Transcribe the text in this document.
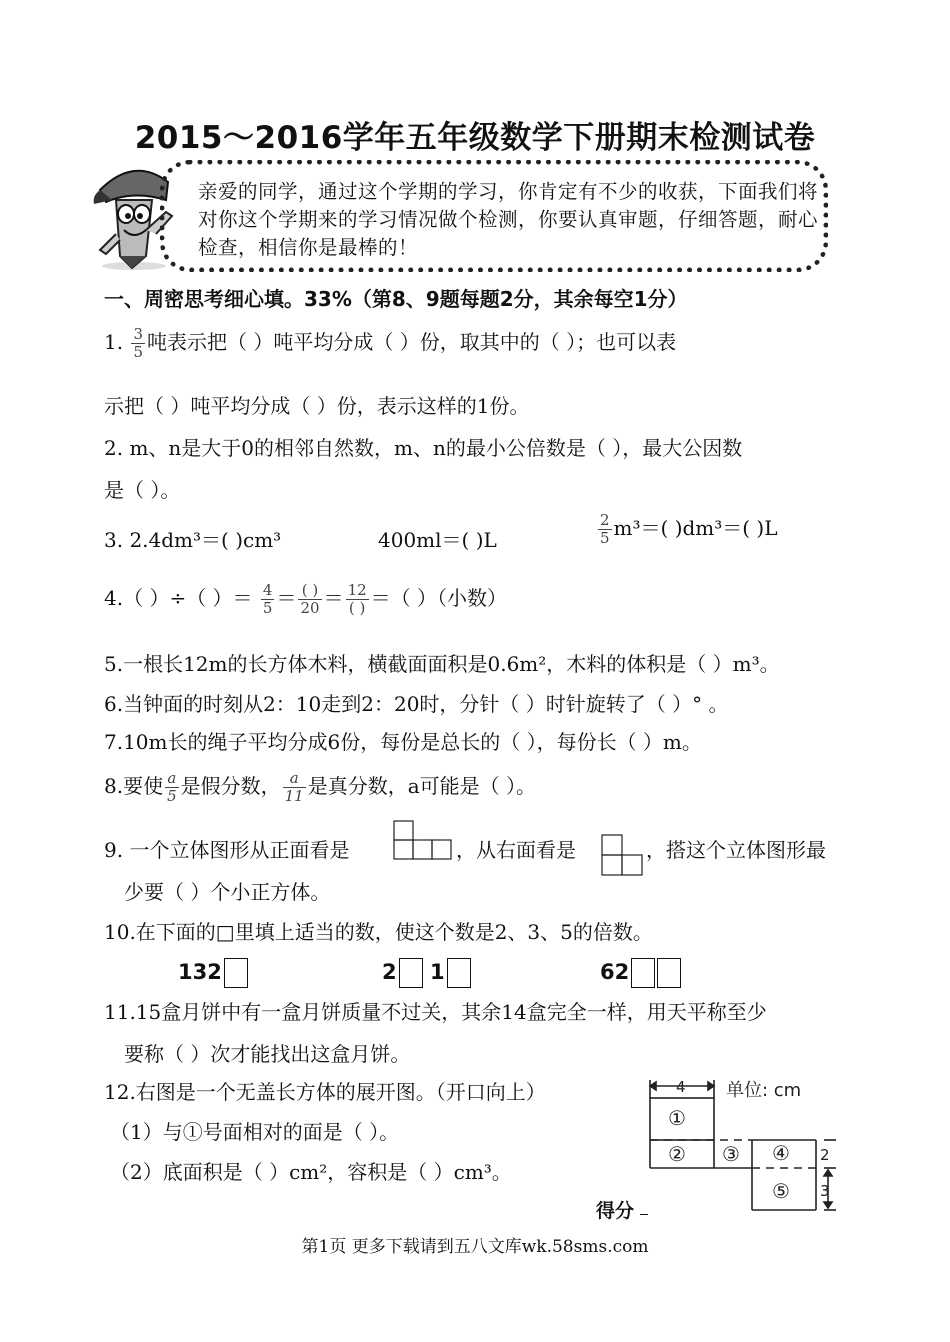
2015～2016学年五年级数学下册期末检测试卷
亲爱的同学，通过这个学期的学习，你肯定有不少的收获，下面我们将对你这个学期来的学习情况做个检测，你要认真审题，仔细答题，耐心检查，相信你是最棒的！
一、周密思考细心填。33%（第8、9题每题2分，其余每空1分）
1. $\frac{3}{5}$ 吨表示把（ ）吨平均分成（ ）份，取其中的（ ）；也可以表
示把（ ）吨平均分成（ ）份，表示这样的1份。
2. m、n是大于0的相邻自然数，m、n的最小公倍数是（ ），最大公因数
是（ ）。
3. 2.4dm³＝( )cm³	400ml＝( )L	$\frac{2}{5} m^3=$( )dm³＝( )L
4.（ ）÷（ ）＝ $\frac{4}{5} = \frac{( )}{20} = \frac{12}{( )}$ ＝（ ）（小数）
5.一根长12m的长方体木料，横截面面积是0.6m²，木料的体积是（ ）m³。
6.当钟面的时刻从2：10走到2：20时，分针（ ）时针旋转了（ ）° 。
7.10m长的绳子平均分成6份，每份是总长的（ ），每份长（ ）m。
8.要使 $\frac{a}{5}$ 是假分数， $\frac{a}{11}$ 是真分数，a可能是（ ）。
9. 一个立体图形从正面看是	，从右面看是	，搭这个立体图形最
少要（ ）个小正方体。
10.在下面的□里填上适当的数，使这个数是2、3、5的倍数。
132	2 1	62
11.15盒月饼中有一盒月饼质量不过关，其余14盒完全一样，用天平称至少
要称（ ）次才能找出这盒月饼。
12.右图是一个无盖长方体的展开图。（开口向上）
（1）与①号面相对的面是（ ）。
（2）底面积是（ ）cm²，容积是（ ）cm³。
单位: cm
4
2
3
①
② ③ ④
⑤
得分
第1页 更多下载请到五八文库wk.58sms.com
